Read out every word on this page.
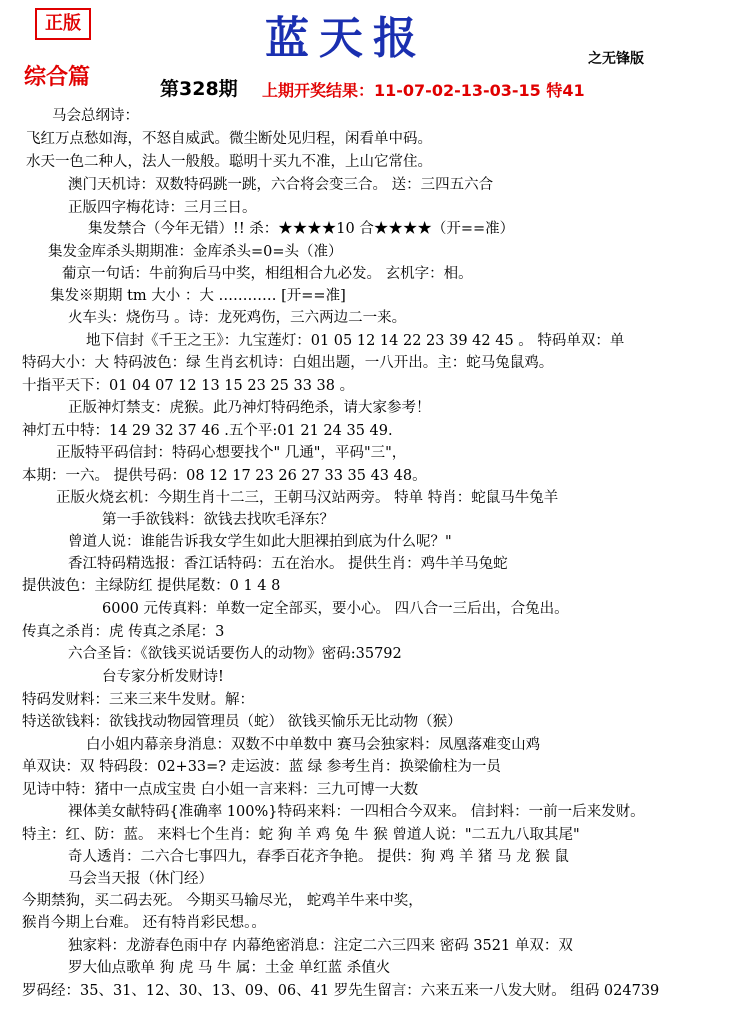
正版	蓝天报	之无锋版
综合篇	第328期 上期开奖结果：11-07-02-13-03-15 特41
马会总纲诗：
飞红万点愁如海，不怒自威武。微尘断处见归程，闲看单中码。
水天一色二种人，法人一般般。聪明十买九不准，上山它常住。
澳门天机诗：双数特码跳一跳，六合将会变三合。 送：三四五六合
正版四字梅花诗：三月三日。
集发禁合（今年无错）!! 杀：★★★★10 合★★★★（开==准）
集发金库杀头期期准：金库杀头=0=头（准）
葡京一句话：牛前狗后马中奖，相组相合九必发。 玄机字：相。
集发※期期 tm 大小 ：大 ………… [开==准]
火车头：烧伤马 。诗：龙死鸡伤，三六两边二一来。
地下信封《千王之王》：九宝莲灯：01 05 12 14 22 23 39 42 45 。 特码单双：单
特码大小：大 特码波色：绿 生肖玄机诗：白姐出题，一八开出。主：蛇马兔鼠鸡。
十指平天下：01 04 07 12 13 15 23 25 33 38 。
正版神灯禁支：虎猴。此乃神灯特码绝杀，请大家参考！
神灯五中特：14 29 32 37 46 .五个平:01 21 24 35 49.
正版特平码信封：特码心想要找个" 几通"，平码"三"，
本期：一六。 提供号码：08 12 17 23 26 27 33 35 43 48。
正版火烧玄机：今期生肖十二三，王朝马汉站两旁。 特单 特肖：蛇鼠马牛兔羊
第一手欲钱料：欲钱去找吹毛泽东？
曾道人说：谁能告诉我女学生如此大胆裸拍到底为什么呢？"
香江特码精选报：香江话特码：五在治水。 提供生肖：鸡牛羊马兔蛇
提供波色：主绿防红 提供尾数：0 1 4 8
6000 元传真料：单数一定全部买，要小心。 四八合一三后出，合兔出。
传真之杀肖：虎 传真之杀尾：3
六合圣旨：《欲钱买说话要伤人的动物》密码:35792
台专家分析发财诗!
特码发财料：三来三来牛发财。解：
特送欲钱料：欲钱找动物园管理员（蛇） 欲钱买愉乐无比动物（猴）
白小姐内幕亲身消息：双数不中单数中 赛马会独家料：凤凰落难变山鸡
单双诀：双 特码段：02+33=? 走运波：蓝 绿 参考生肖：换梁偷柱为一员
见诗中特：猪中一点成宝贵 白小姐一言来料：三九可博一大数
裸体美女献特码{准确率 100%}特码来料：一四相合今双来。 信封料：一前一后来发财。
特主：红、防：蓝。 来料七个生肖：蛇 狗 羊 鸡 兔 牛 猴 曾道人说："二五九八取其尾"
奇人透肖：二六合七事四九，春季百花齐争艳。 提供：狗 鸡 羊 猪 马 龙 猴 鼠
马会当天报（休门经）
今期禁狗，买二码去死。 今期买马输尽光， 蛇鸡羊牛来中奖，
猴肖今期上台难。 还有特肖彩民想。。
独家料：龙游春色雨中存 内幕绝密消息：注定二六三四来 密码 3521 单双：双
罗大仙点歌单 狗 虎 马 牛 属：土金 单红蓝 杀值火
罗码经：35、31、12、30、13、09、06、41 罗先生留言：六来五来一八发大财。 组码 024739
